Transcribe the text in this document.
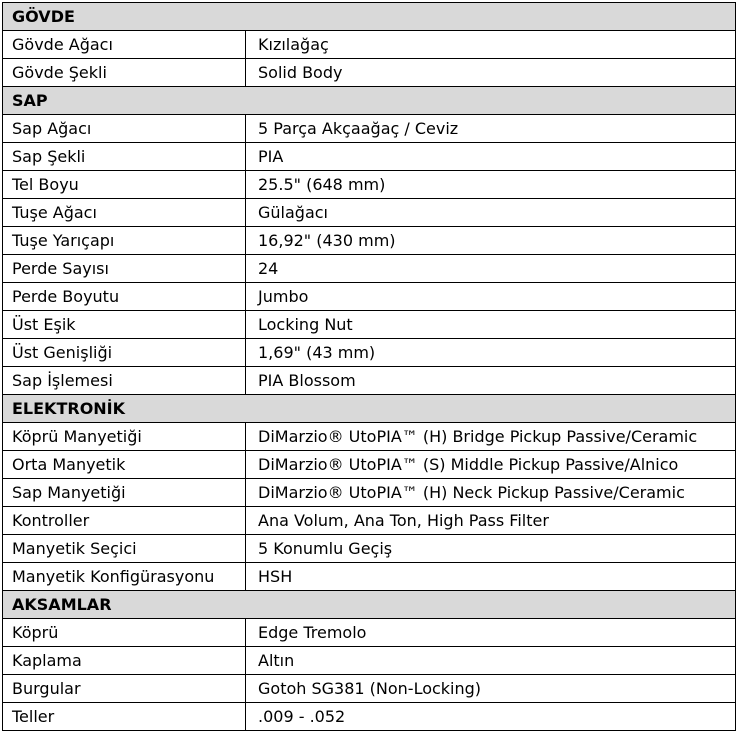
GÖVDE	
Gövde Ağacı	Kızılağaç
Gövde Şekli	Solid Body
SAP	
Sap Ağacı	5 Parça Akçaağaç / Ceviz
Sap Şekli	PIA
Tel Boyu	25.5" (648 mm)
Tuşe Ağacı	Gülağacı
Tuşe Yarıçapı	16,92" (430 mm)
Perde Sayısı	24
Perde Boyutu	Jumbo
Üst Eşik	Locking Nut
Üst Genişliği	1,69" (43 mm)
Sap İşlemesi	PIA Blossom
ELEKTRONİK	
Köprü Manyetiği	DiMarzio® UtoPIA™ (H) Bridge Pickup Passive/Ceramic
Orta Manyetik	DiMarzio® UtoPIA™ (S) Middle Pickup Passive/Alnico
Sap Manyetiği	DiMarzio® UtoPIA™ (H) Neck Pickup Passive/Ceramic
Kontroller	Ana Volum, Ana Ton, High Pass Filter
Manyetik Seçici	5 Konumlu Geçiş
Manyetik Konfigürasyonu	HSH
AKSAMLAR	
Köprü	Edge Tremolo
Kaplama	Altın
Burgular	Gotoh SG381 (Non-Locking)
Teller	.009 - .052
